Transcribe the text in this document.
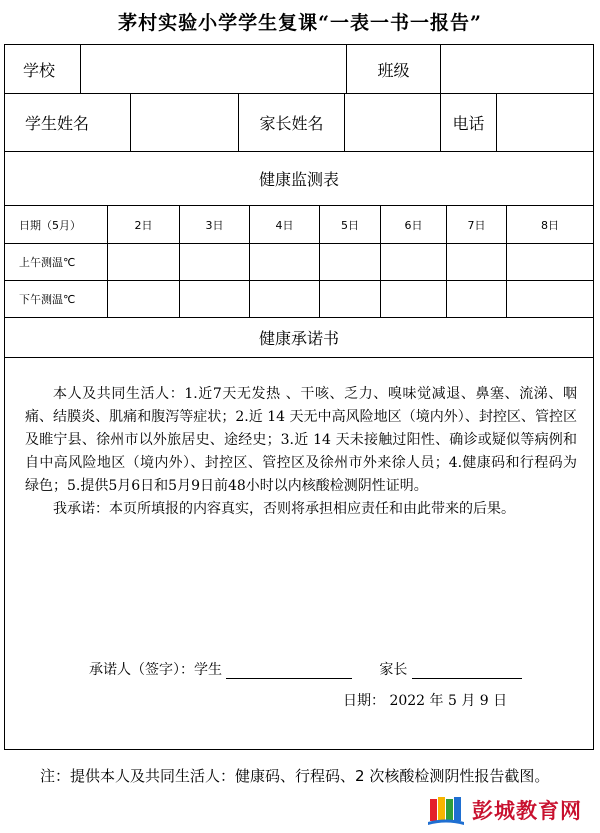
茅村实验小学学生复课“一表一书一报告”
学校	班级
学生姓名	家长姓名	电话
健康监测表
日期（5月）	2日	3日	4日	5日	6日	7日	8日
上午测温℃
下午测温℃
健康承诺书

本人及共同生活人：1.近7天无发热 、干咳、乏力、嗅味觉减退、鼻塞、流涕、咽痛、结膜炎、肌痛和腹泻等症状；2.近 14 天无中高风险地区（境内外）、封控区、管控区及睢宁县、徐州市以外旅居史、途经史；3.近 14 天未接触过阳性、确诊或疑似等病例和自中高风险地区（境内外）、封控区、管控区及徐州市外来徐人员；4.健康码和行程码为绿色；5.提供5月6日和5月9日前48小时以内核酸检测阴性证明。

我承诺：本页所填报的内容真实，否则将承担相应责任和由此带来的后果。

承诺人（签字）：学生	家长
日期： 2022 年 5 月 9 日
注：提供本人及共同生活人：健康码、行程码、2 次核酸检测阴性报告截图。
彭城教育网
